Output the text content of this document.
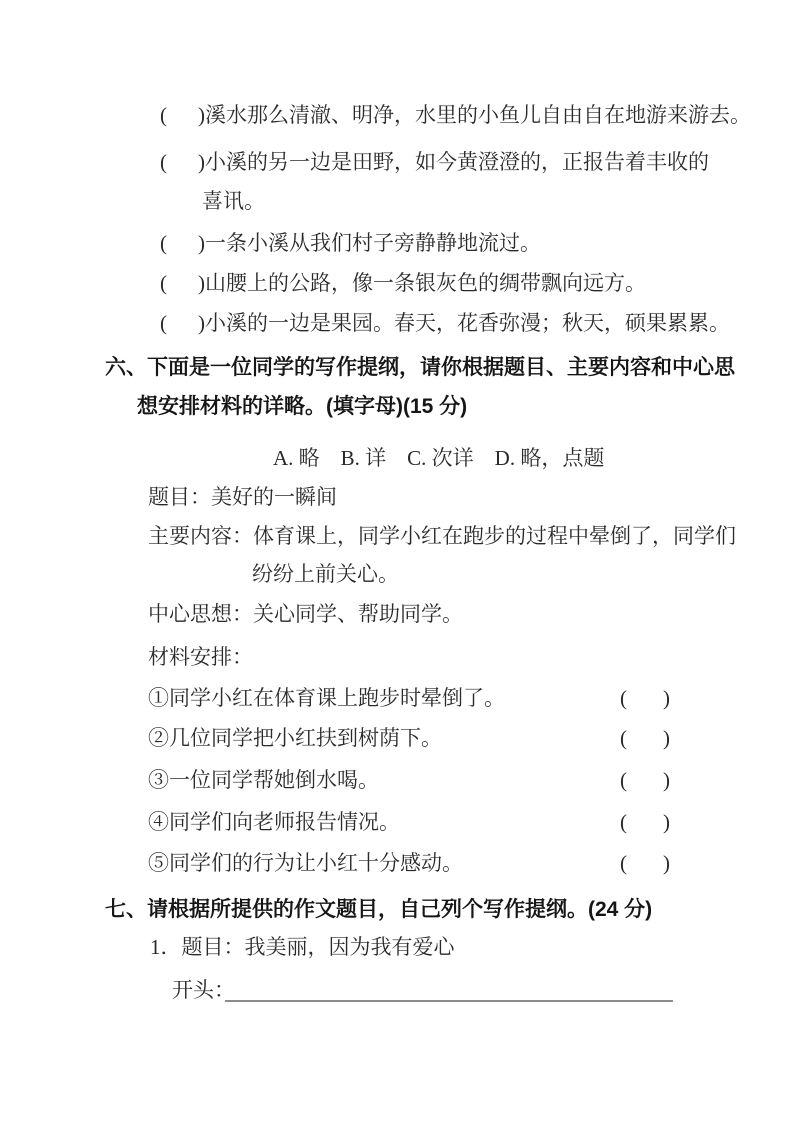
( ) 溪水那么清澈、明净，水里的小鱼儿自由自在地游来游去。
( ) 小溪的另一边是田野，如今黄澄澄的，正报告着丰收的
喜讯。
( ) 一条小溪从我们村子旁静静地流过。
( ) 山腰上的公路，像一条银灰色的绸带飘向远方。
( ) 小溪的一边是果园。春天，花香弥漫；秋天，硕果累累。
六、下面是一位同学的写作提纲，请你根据题目、主要内容和中心思
想安排材料的详略。(填字母)(15 分)
A. 略　B. 详　C. 次详　D. 略，点题
题目：美好的一瞬间
主要内容：体育课上，同学小红在跑步的过程中晕倒了，同学们
纷纷上前关心。
中心思想：关心同学、帮助同学。
材料安排：
①同学小红在体育课上跑步时晕倒了。	( )
②几位同学把小红扶到树荫下。	( )
③一位同学帮她倒水喝。	( )
④同学们向老师报告情况。	( )
⑤同学们的行为让小红十分感动。	( )
七、请根据所提供的作文题目，自己列个写作提纲。(24 分)
1．题目：我美丽，因为我有爱心
开头：
